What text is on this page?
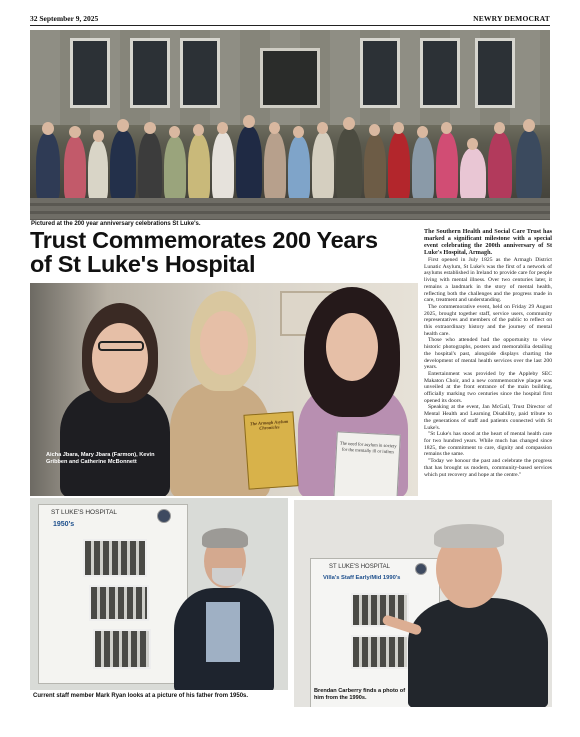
32 September 9, 2025	NEWRY DEMOCRAT
Pictured at the 200 year anniversary celebrations St Luke's.
Trust Commemorates 200 Years of St Luke's Hospital
The Southern Health and Social Care Trust has marked a significant milestone with a special event celebrating the 200th anniversary of St Luke's Hospital, Armagh.

First opened in July 1825 as the Armagh District Lunatic Asylum, St Luke's was the first of a network of asylums established in Ireland to provide care for people living with mental illness. Over two centuries later, it remains a landmark in the story of mental health, reflecting both the challenges and the progress made in care, treatment and understanding.

The commemorative event, held on Friday 29 August 2025, brought together staff, service users, community representatives and members of the public to reflect on this extraordinary history and the journey of mental health care.

Those who attended had the opportunity to view historic photographs, posters and memorabilia detailing the hospital's past, alongside displays charting the development of mental health services over the last 200 years.

Entertainment was provided by the Appleby SEC Makaton Choir, and a new commemorative plaque was unveiled at the front entrance of the main building, officially marking two centuries since the hospital first opened its doors.

Speaking at the event, Jan McGall, Trust Director of Mental Health and Learning Disability, paid tribute to the generations of staff and patients connected with St Luke's.

"St Luke's has stood at the heart of mental health care for two hundred years. While much has changed since 1825, the commitment to care, dignity and compassion remains the same.

"Today we honour the past and celebrate the progress that has brought us modern, community-based services which put recovery and hope at the centre."

The Armagh Asylum Chronicles
The need for asylum in society for the mentally ill or infirm
Aicha Jbara, Mary Jbara (Farmon), Kevin Gribben and Catherine McBonnett
ST LUKE'S HOSPITAL
1950's
Current staff member Mark Ryan looks at a picture of his father from 1950s.
ST LUKE'S HOSPITAL
Villa's Staff Early/Mid 1990's
Brendan Carberry finds a photo of him from the 1990s.
